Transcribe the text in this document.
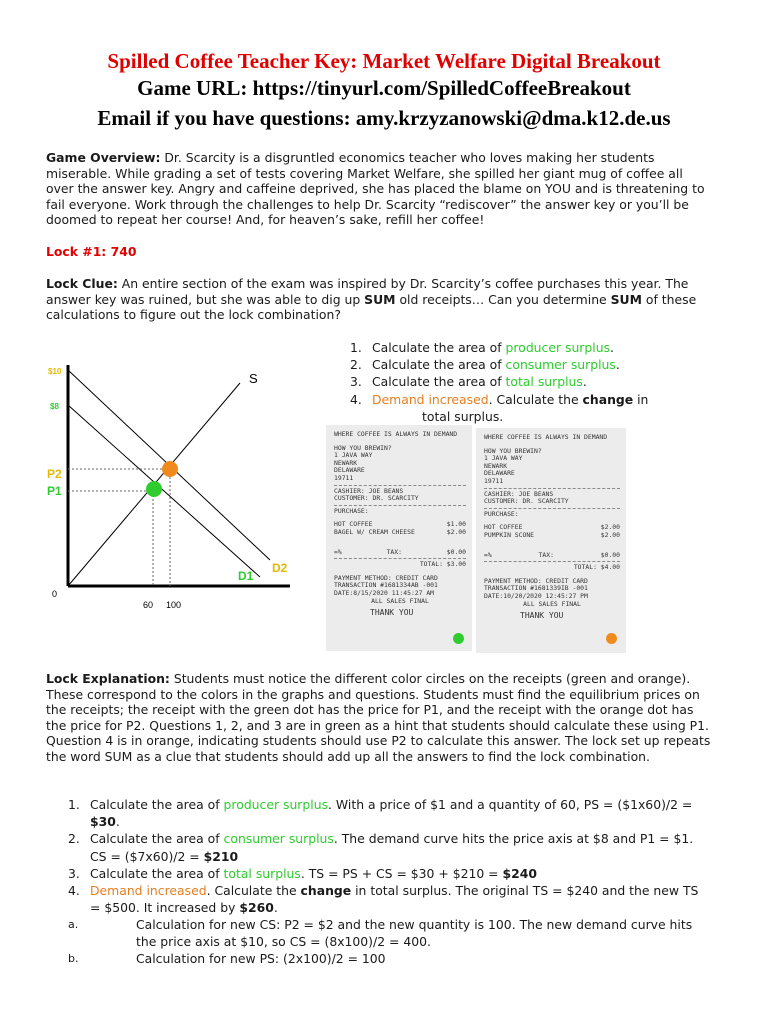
Spilled Coffee Teacher Key: Market Welfare Digital Breakout
Game URL: https://tinyurl.com/SpilledCoffeeBreakout
Email if you have questions: amy.krzyzanowski@dma.k12.de.us
Game Overview: Dr. Scarcity is a disgruntled economics teacher who loves making her students miserable. While grading a set of tests covering Market Welfare, she spilled her giant mug of coffee all over the answer key. Angry and caffeine deprived, she has placed the blame on YOU and is threatening to fail everyone. Work through the challenges to help Dr. Scarcity “rediscover” the answer key or you’ll be doomed to repeat her course! And, for heaven’s sake, refill her coffee!
Lock #1: 740
Lock Clue: An entire section of the exam was inspired by Dr. Scarcity’s coffee purchases this year. The answer key was ruined, but she was able to dig up SUM old receipts… Can you determine SUM of these calculations to figure out the lock combination?
$10
$8
P2
P1
S
D1
D2
0
60 100
1. Calculate the area of producer surplus.
2. Calculate the area of consumer surplus.
3. Calculate the area of total surplus.
4. Demand increased. Calculate the change in
total surplus.
WHERE COFFEE IS ALWAYS IN DEMAND
HOW YOU BREWIN?
1 JAVA WAY
NEWARK
DELAWARE
19711
CASHIER: JOE BEANS
CUSTOMER: DR. SCARCITY
PURCHASE:
HOT COFFEE	$1.00
BAGEL W/ CREAM CHEESE	$2.00
=%	TAX:	$0.00
TOTAL: $3.00
PAYMENT METHOD: CREDIT CARD
TRANSACTION #1681334AB -001
DATE:8/15/2020 11:45:27 AM
ALL SALES FINAL
THANK YOU
WHERE COFFEE IS ALWAYS IN DEMAND
HOW YOU BREWIN?
1 JAVA WAY
NEWARK
DELAWARE
19711
CASHIER: JOE BEANS
CUSTOMER: DR. SCARCITY
PURCHASE:
HOT COFFEE	$2.00
PUMPKIN SCONE	$2.00
=%	TAX:	$0.00
TOTAL: $4.00
PAYMENT METHOD: CREDIT CARD
TRANSACTION #1681339IB -001
DATE:10/20/2020 12:45:27 PM
ALL SALES FINAL
THANK YOU
Lock Explanation: Students must notice the different color circles on the receipts (green and orange). These correspond to the colors in the graphs and questions. Students must find the equilibrium prices on the receipts; the receipt with the green dot has the price for P1, and the receipt with the orange dot has the price for P2. Questions 1, 2, and 3 are in green as a hint that students should calculate these using P1. Question 4 is in orange, indicating students should use P2 to calculate this answer. The lock set up repeats the word SUM as a clue that students should add up all the answers to find the lock combination.
1. Calculate the area of producer surplus. With a price of $1 and a quantity of 60, PS = ($1x60)/2 = $30.
2. Calculate the area of consumer surplus. The demand curve hits the price axis at $8 and P1 = $1. CS = ($7x60)/2 = $210
3. Calculate the area of total surplus. TS = PS + CS = $30 + $210 = $240
4. Demand increased. Calculate the change in total surplus. The original TS = $240 and the new TS = $500. It increased by $260.
a.	Calculation for new CS: P2 = $2 and the new quantity is 100. The new demand curve hits the price axis at $10, so CS = (8x100)/2 = 400.
b.	Calculation for new PS: (2x100)/2 = 100
